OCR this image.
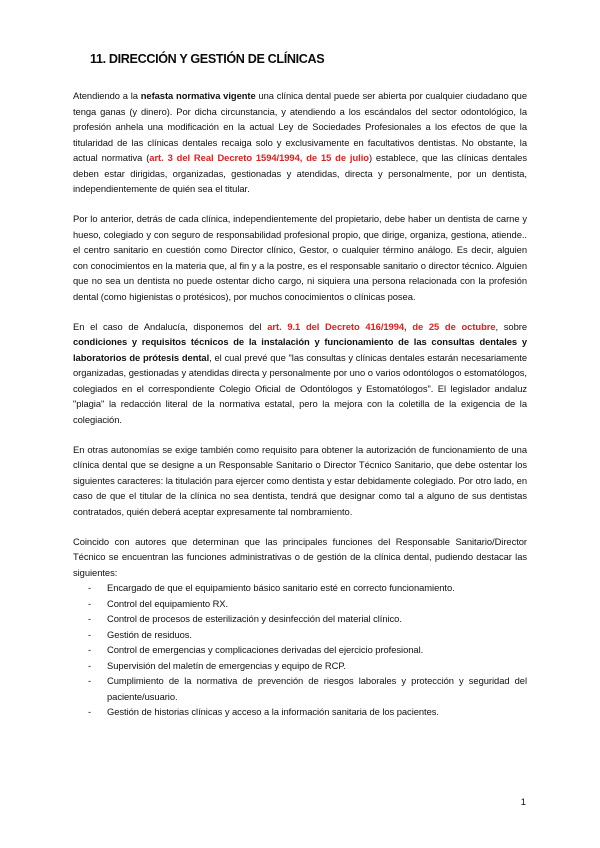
11. DIRECCIÓN Y GESTIÓN DE CLÍNICAS

Atendiendo a la nefasta normativa vigente una clínica dental puede ser abierta por cualquier ciudadano que tenga ganas (y dinero). Por dicha circunstancia, y atendiendo a los escándalos del sector odontológico, la profesión anhela una modificación en la actual Ley de Sociedades Profesionales a los efectos de que la titularidad de las clínicas dentales recaiga solo y exclusivamente en facultativos dentistas. No obstante, la actual normativa (art. 3 del Real Decreto 1594/1994, de 15 de julio) establece, que las clínicas dentales deben estar dirigidas, organizadas, gestionadas y atendidas, directa y personalmente, por un dentista, independientemente de quién sea el titular.

Por lo anterior, detrás de cada clínica, independientemente del propietario, debe haber un dentista de carne y hueso, colegiado y con seguro de responsabilidad profesional propio, que dirige, organiza, gestiona, atiende.. el centro sanitario en cuestión como Director clínico, Gestor, o cualquier término análogo. Es decir, alguien con conocimientos en la materia que, al fin y a la postre, es el responsable sanitario o director técnico. Alguien que no sea un dentista no puede ostentar dicho cargo, ni siquiera una persona relacionada con la profesión dental (como higienistas o protésicos), por muchos conocimientos o clínicas posea.

En el caso de Andalucía, disponemos del art. 9.1 del Decreto 416/1994, de 25 de octubre, sobre condiciones y requisitos técnicos de la instalación y funcionamiento de las consultas dentales y laboratorios de prótesis dental, el cual prevé que "las consultas y clínicas dentales estarán necesariamente organizadas, gestionadas y atendidas directa y personalmente por uno o varios odontólogos o estomatólogos, colegiados en el correspondiente Colegio Oficial de Odontólogos y Estomatólogos". El legislador andaluz "plagia" la redacción literal de la normativa estatal, pero la mejora con la coletilla de la exigencia de la colegiación.

En otras autonomías se exige también como requisito para obtener la autorización de funcionamiento de una clínica dental que se designe a un Responsable Sanitario o Director Técnico Sanitario, que debe ostentar los siguientes caracteres: la titulación para ejercer como dentista y estar debidamente colegiado. Por otro lado, en caso de que el titular de la clínica no sea dentista, tendrá que designar como tal a alguno de sus dentistas contratados, quién deberá aceptar expresamente tal nombramiento.

Coincido con autores que determinan que las principales funciones del Responsable Sanitario/Director Técnico se encuentran las funciones administrativas o de gestión de la clínica dental, pudiendo destacar las siguientes:

- Encargado de que el equipamiento básico sanitario esté en correcto funcionamiento.
- Control del equipamiento RX.
- Control de procesos de esterilización y desinfección del material clínico.
- Gestión de residuos.
- Control de emergencias y complicaciones derivadas del ejercicio profesional.
- Supervisión del maletín de emergencias y equipo de RCP.
- Cumplimiento de la normativa de prevención de riesgos laborales y protección y seguridad del paciente/usuario.
- Gestión de historias clínicas y acceso a la información sanitaria de los pacientes.
1
